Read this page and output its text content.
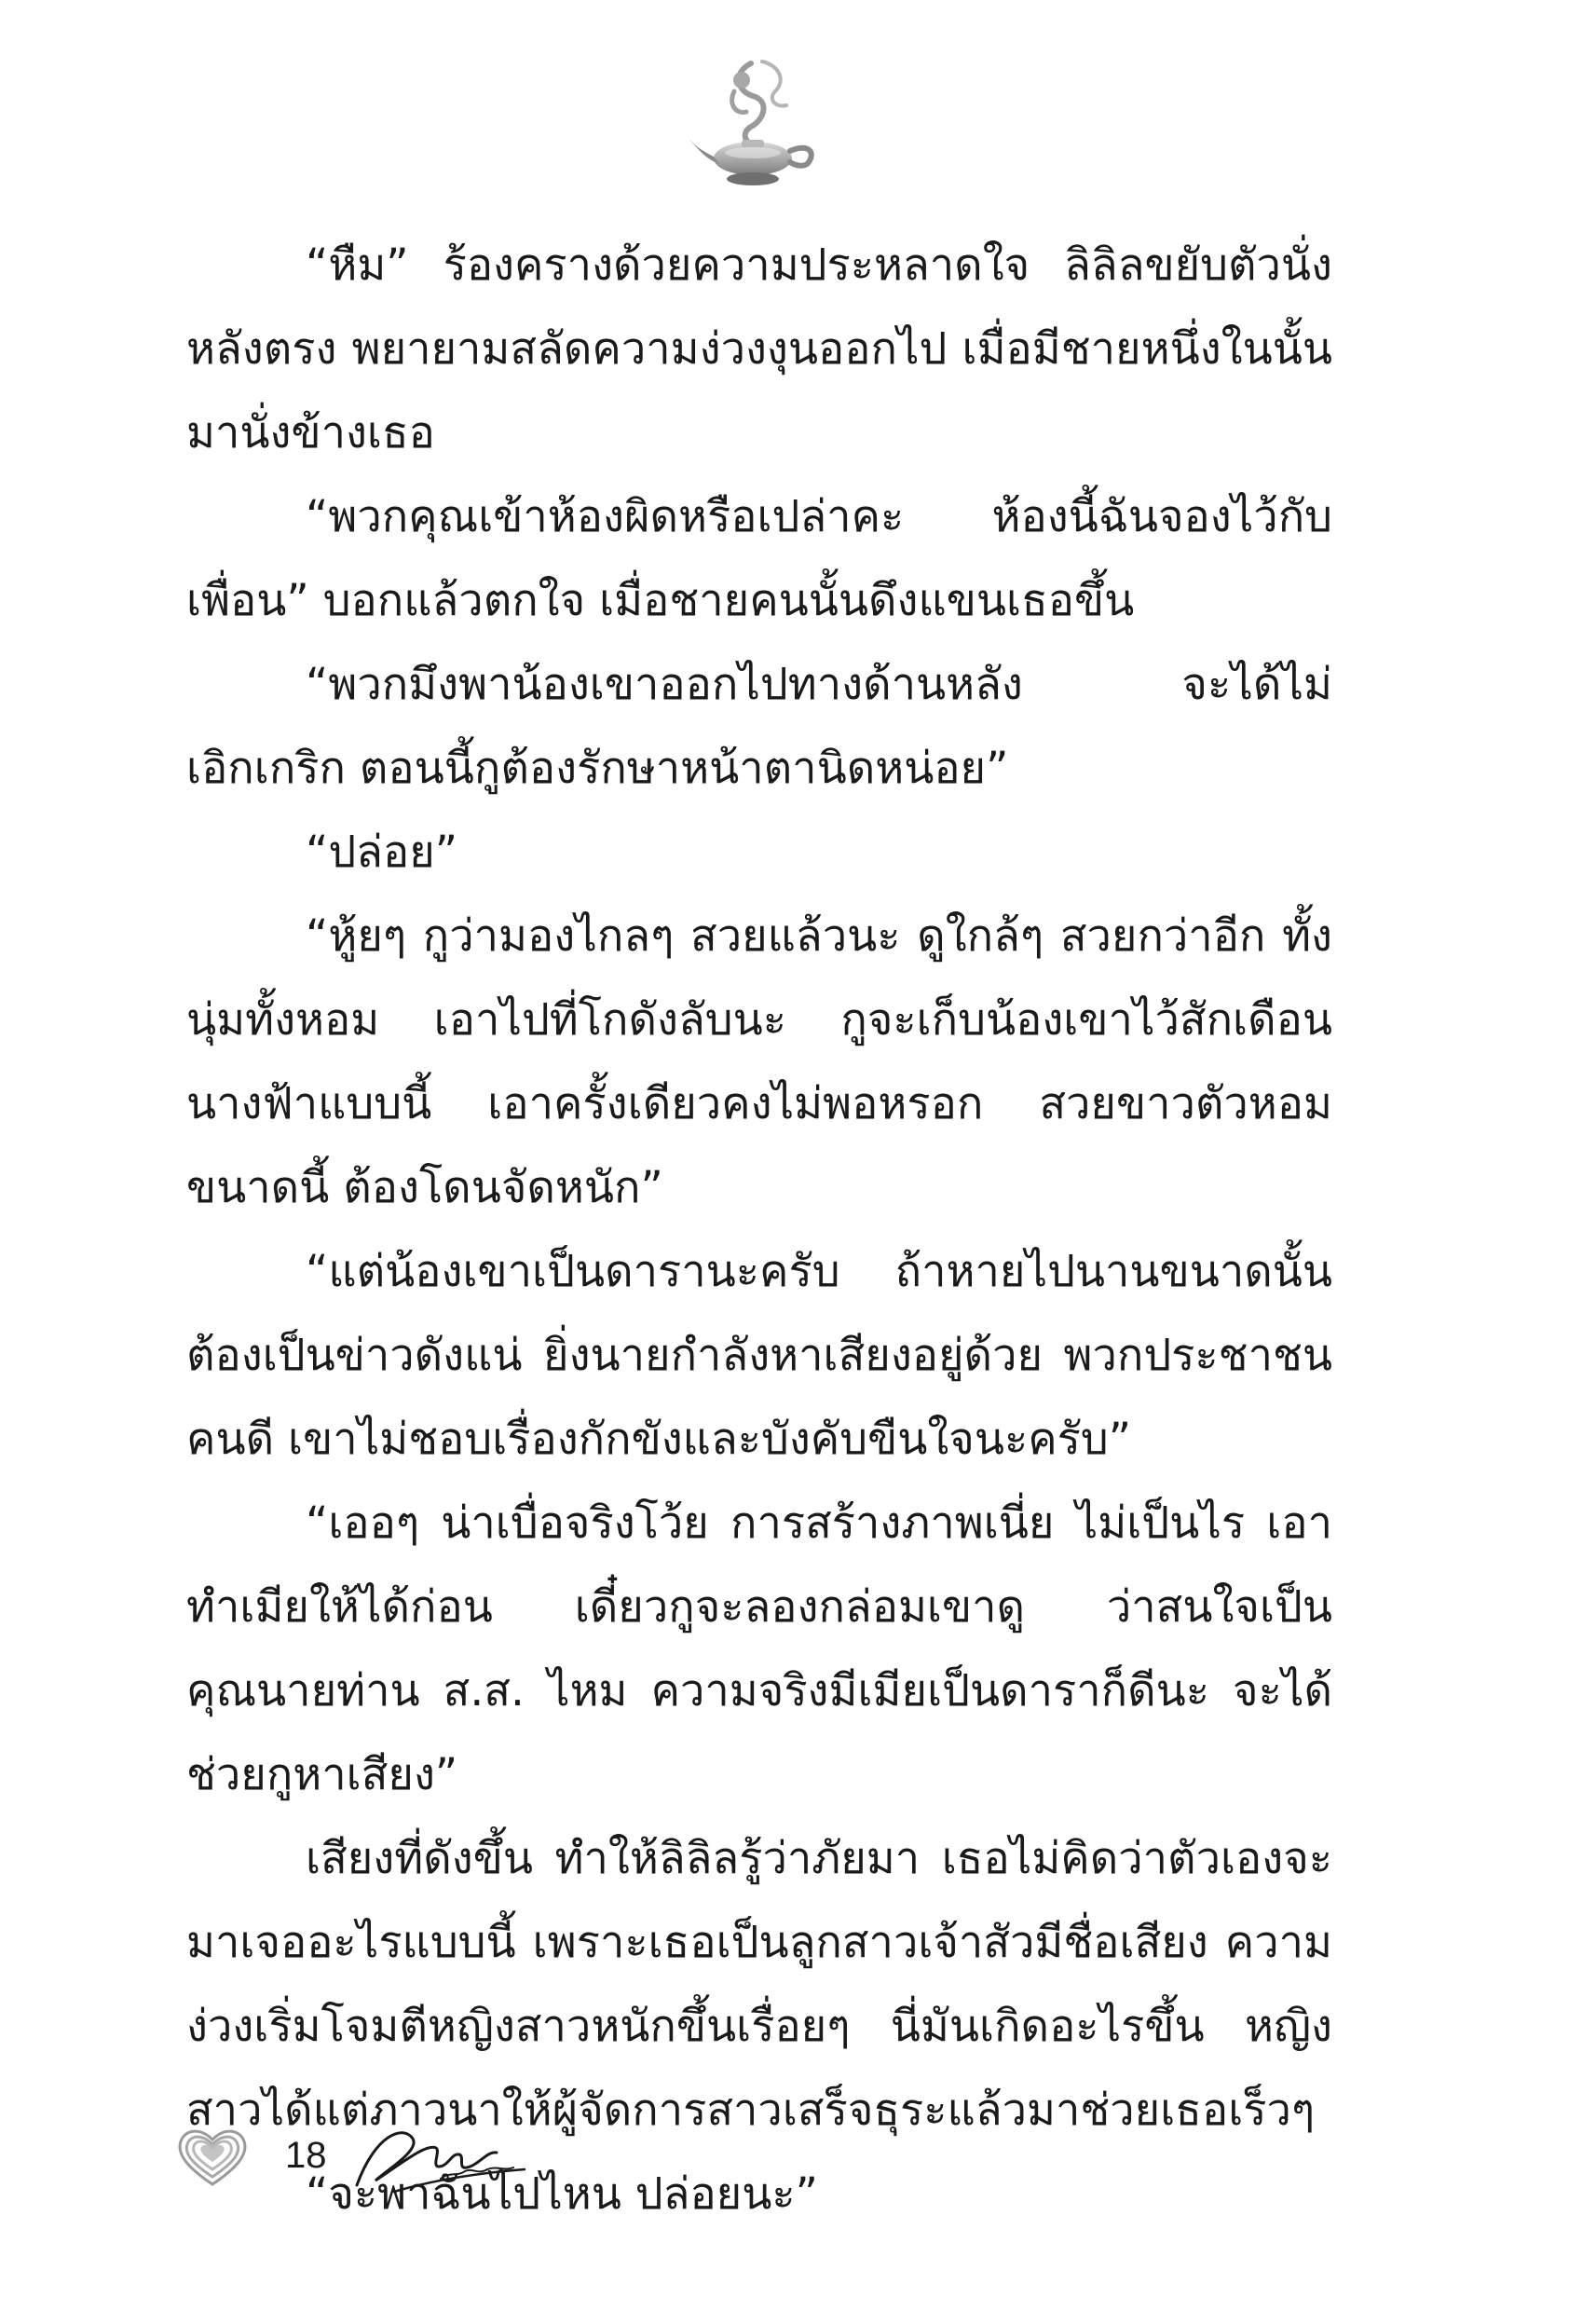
“หืม” ร้องครางด้วยความประหลาดใจ ลิลิลขยับตัวนั่งหลังตรง พยายามสลัดความง่วงงุนออกไป เมื่อมีชายหนึ่งในนั้นมานั่งข้างเธอ

“พวกคุณเข้าห้องผิดหรือเปล่าคะ ห้องนี้ฉันจองไว้กับเพื่อน” บอกแล้วตกใจ เมื่อชายคนนั้นดึงแขนเธอขึ้น

“พวกมึงพาน้องเขาออกไปทางด้านหลัง จะได้ไม่เอิกเกริก ตอนนี้กูต้องรักษาหน้าตานิดหน่อย”

“ปล่อย”

“หู้ยๆ กูว่ามองไกลๆ สวยแล้วนะ ดูใกล้ๆ สวยกว่าอีก ทั้งนุ่มทั้งหอม เอาไปที่โกดังลับนะ กูจะเก็บน้องเขาไว้สักเดือน นางฟ้าแบบนี้ เอาครั้งเดียวคงไม่พอหรอก สวยขาวตัวหอมขนาดนี้ ต้องโดนจัดหนัก”

“แต่น้องเขาเป็นดารานะครับ ถ้าหายไปนานขนาดนั้น ต้องเป็นข่าวดังแน่ ยิ่งนายกำลังหาเสียงอยู่ด้วย พวกประชาชนคนดี เขาไม่ชอบเรื่องกักขังและบังคับขืนใจนะครับ”

“เออๆ น่าเบื่อจริงโว้ย การสร้างภาพเนี่ย ไม่เป็นไร เอาทำเมียให้ได้ก่อน เดี๋ยวกูจะลองกล่อมเขาดู ว่าสนใจเป็นคุณนายท่าน ส.ส. ไหม ความจริงมีเมียเป็นดาราก็ดีนะ จะได้ช่วยกูหาเสียง”

เสียงที่ดังขึ้น ทำให้ลิลิลรู้ว่าภัยมา เธอไม่คิดว่าตัวเองจะมาเจออะไรแบบนี้ เพราะเธอเป็นลูกสาวเจ้าสัวมีชื่อเสียง ความง่วงเริ่มโจมตีหญิงสาวหนักขึ้นเรื่อยๆ นี่มันเกิดอะไรขึ้น หญิงสาวได้แต่ภาวนาให้ผู้จัดการสาวเสร็จธุระแล้วมาช่วยเธอเร็วๆ

“จะพาฉันไปไหน ปล่อยนะ”

18
